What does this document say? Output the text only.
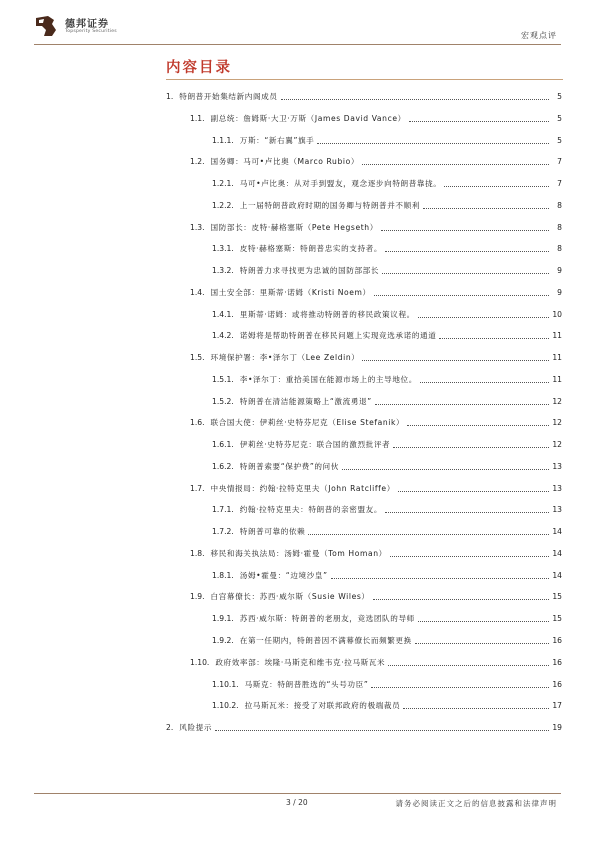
德邦证券
Topsperity Securities	宏观点评
内容目录
1. 特朗普开始集结新内阁成员	5
1.1. 副总统：詹姆斯·大卫·万斯（James David Vance）	5
1.1.1. 万斯：“新右翼”旗手	5
1.2. 国务卿：马可•卢比奥（Marco Rubio）	7
1.2.1. 马可•卢比奥：从对手到盟友，观念逐步向特朗普靠拢。	7
1.2.2. 上一届特朗普政府时期的国务卿与特朗普并不顺利	8
1.3. 国防部长：皮特·赫格塞斯（Pete Hegseth）	8
1.3.1. 皮特·赫格塞斯：特朗普忠实的支持者。	8
1.3.2. 特朗普力求寻找更为忠诚的国防部部长	9
1.4. 国土安全部：里斯蒂·诺姆（Kristi Noem）	9
1.4.1. 里斯蒂·诺姆：或将推动特朗普的移民政策议程。	10
1.4.2. 诺姆将是帮助特朗普在移民问题上实现竞选承诺的通道	11
1.5. 环境保护署：李•泽尔丁（Lee Zeldin）	11
1.5.1. 李•泽尔丁：重拾美国在能源市场上的主导地位。	11
1.5.2. 特朗普在清洁能源策略上“激流勇退”	12
1.6. 联合国大使：伊莉丝·史特芬尼克（Elise Stefanik）	12
1.6.1. 伊莉丝·史特芬尼克：联合国的激烈批评者	12
1.6.2. 特朗普索要“保护费”的问伙	13
1.7. 中央情报局：约翰·拉特克里夫（John Ratcliffe）	13
1.7.1. 约翰·拉特克里夫：特朗普的亲密盟友。	13
1.7.2. 特朗普可靠的依赖	14
1.8. 移民和海关执法局：汤姆·霍曼（Tom Homan）	14
1.8.1. 汤姆•霍曼：“边境沙皇”	14
1.9. 白宫幕僚长：苏西·威尔斯（Susie Wiles）	15
1.9.1. 苏西·威尔斯：特朗普的老朋友，竞选团队的导师	15
1.9.2. 在第一任期内，特朗普因不满幕僚长而频繁更换	16
1.10. 政府效率部：埃隆·马斯克和维韦克·拉马斯瓦米	16
1.10.1. 马斯克：特朗普胜选的“头号功臣”	16
1.10.2. 拉马斯瓦米：接受了对联邦政府的极端裁员	17
2. 风险提示	19
3 / 20	请务必阅读正文之后的信息披露和法律声明
